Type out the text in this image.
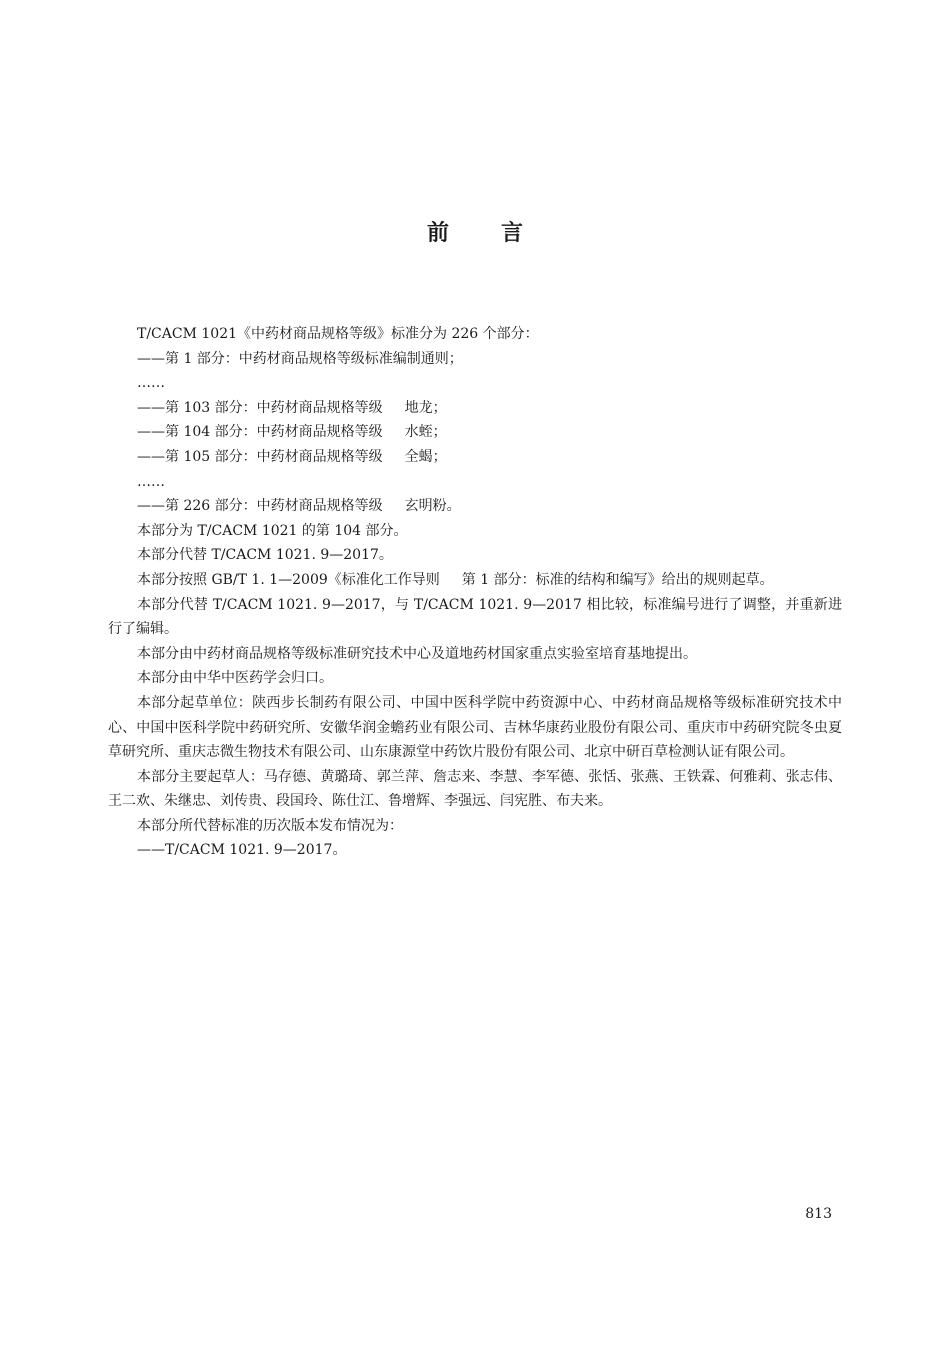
前言

T/CACM 1021《中药材商品规格等级》标准分为 226 个部分：

——第 1 部分：中药材商品规格等级标准编制通则；

……

——第 103 部分：中药材商品规格等级 地龙；

——第 104 部分：中药材商品规格等级 水蛭；

——第 105 部分：中药材商品规格等级 全蝎；

……

——第 226 部分：中药材商品规格等级 玄明粉。

本部分为 T/CACM 1021 的第 104 部分。

本部分代替 T/CACM 1021. 9—2017。

本部分按照 GB/T 1. 1—2009《标准化工作导则 第 1 部分：标准的结构和编写》给出的规则起草。

本部分代替 T/CACM 1021. 9—2017，与 T/CACM 1021. 9—2017 相比较，标准编号进行了调整，并重新进行了编辑。

本部分由中药材商品规格等级标准研究技术中心及道地药材国家重点实验室培育基地提出。

本部分由中华中医药学会归口。

本部分起草单位：陕西步长制药有限公司、中国中医科学院中药资源中心、中药材商品规格等级标准研究技术中心、中国中医科学院中药研究所、安徽华润金蟾药业有限公司、吉林华康药业股份有限公司、重庆市中药研究院冬虫夏草研究所、重庆志微生物技术有限公司、山东康源堂中药饮片股份有限公司、北京中研百草检测认证有限公司。

本部分主要起草人：马存德、黄璐琦、郭兰萍、詹志来、李慧、李军德、张恬、张燕、王铁霖、何雅莉、张志伟、王二欢、朱继忠、刘传贵、段国玲、陈仕江、鲁增辉、李强远、闫宪胜、布夫来。

本部分所代替标准的历次版本发布情况为：

——T/CACM 1021. 9—2017。

813
